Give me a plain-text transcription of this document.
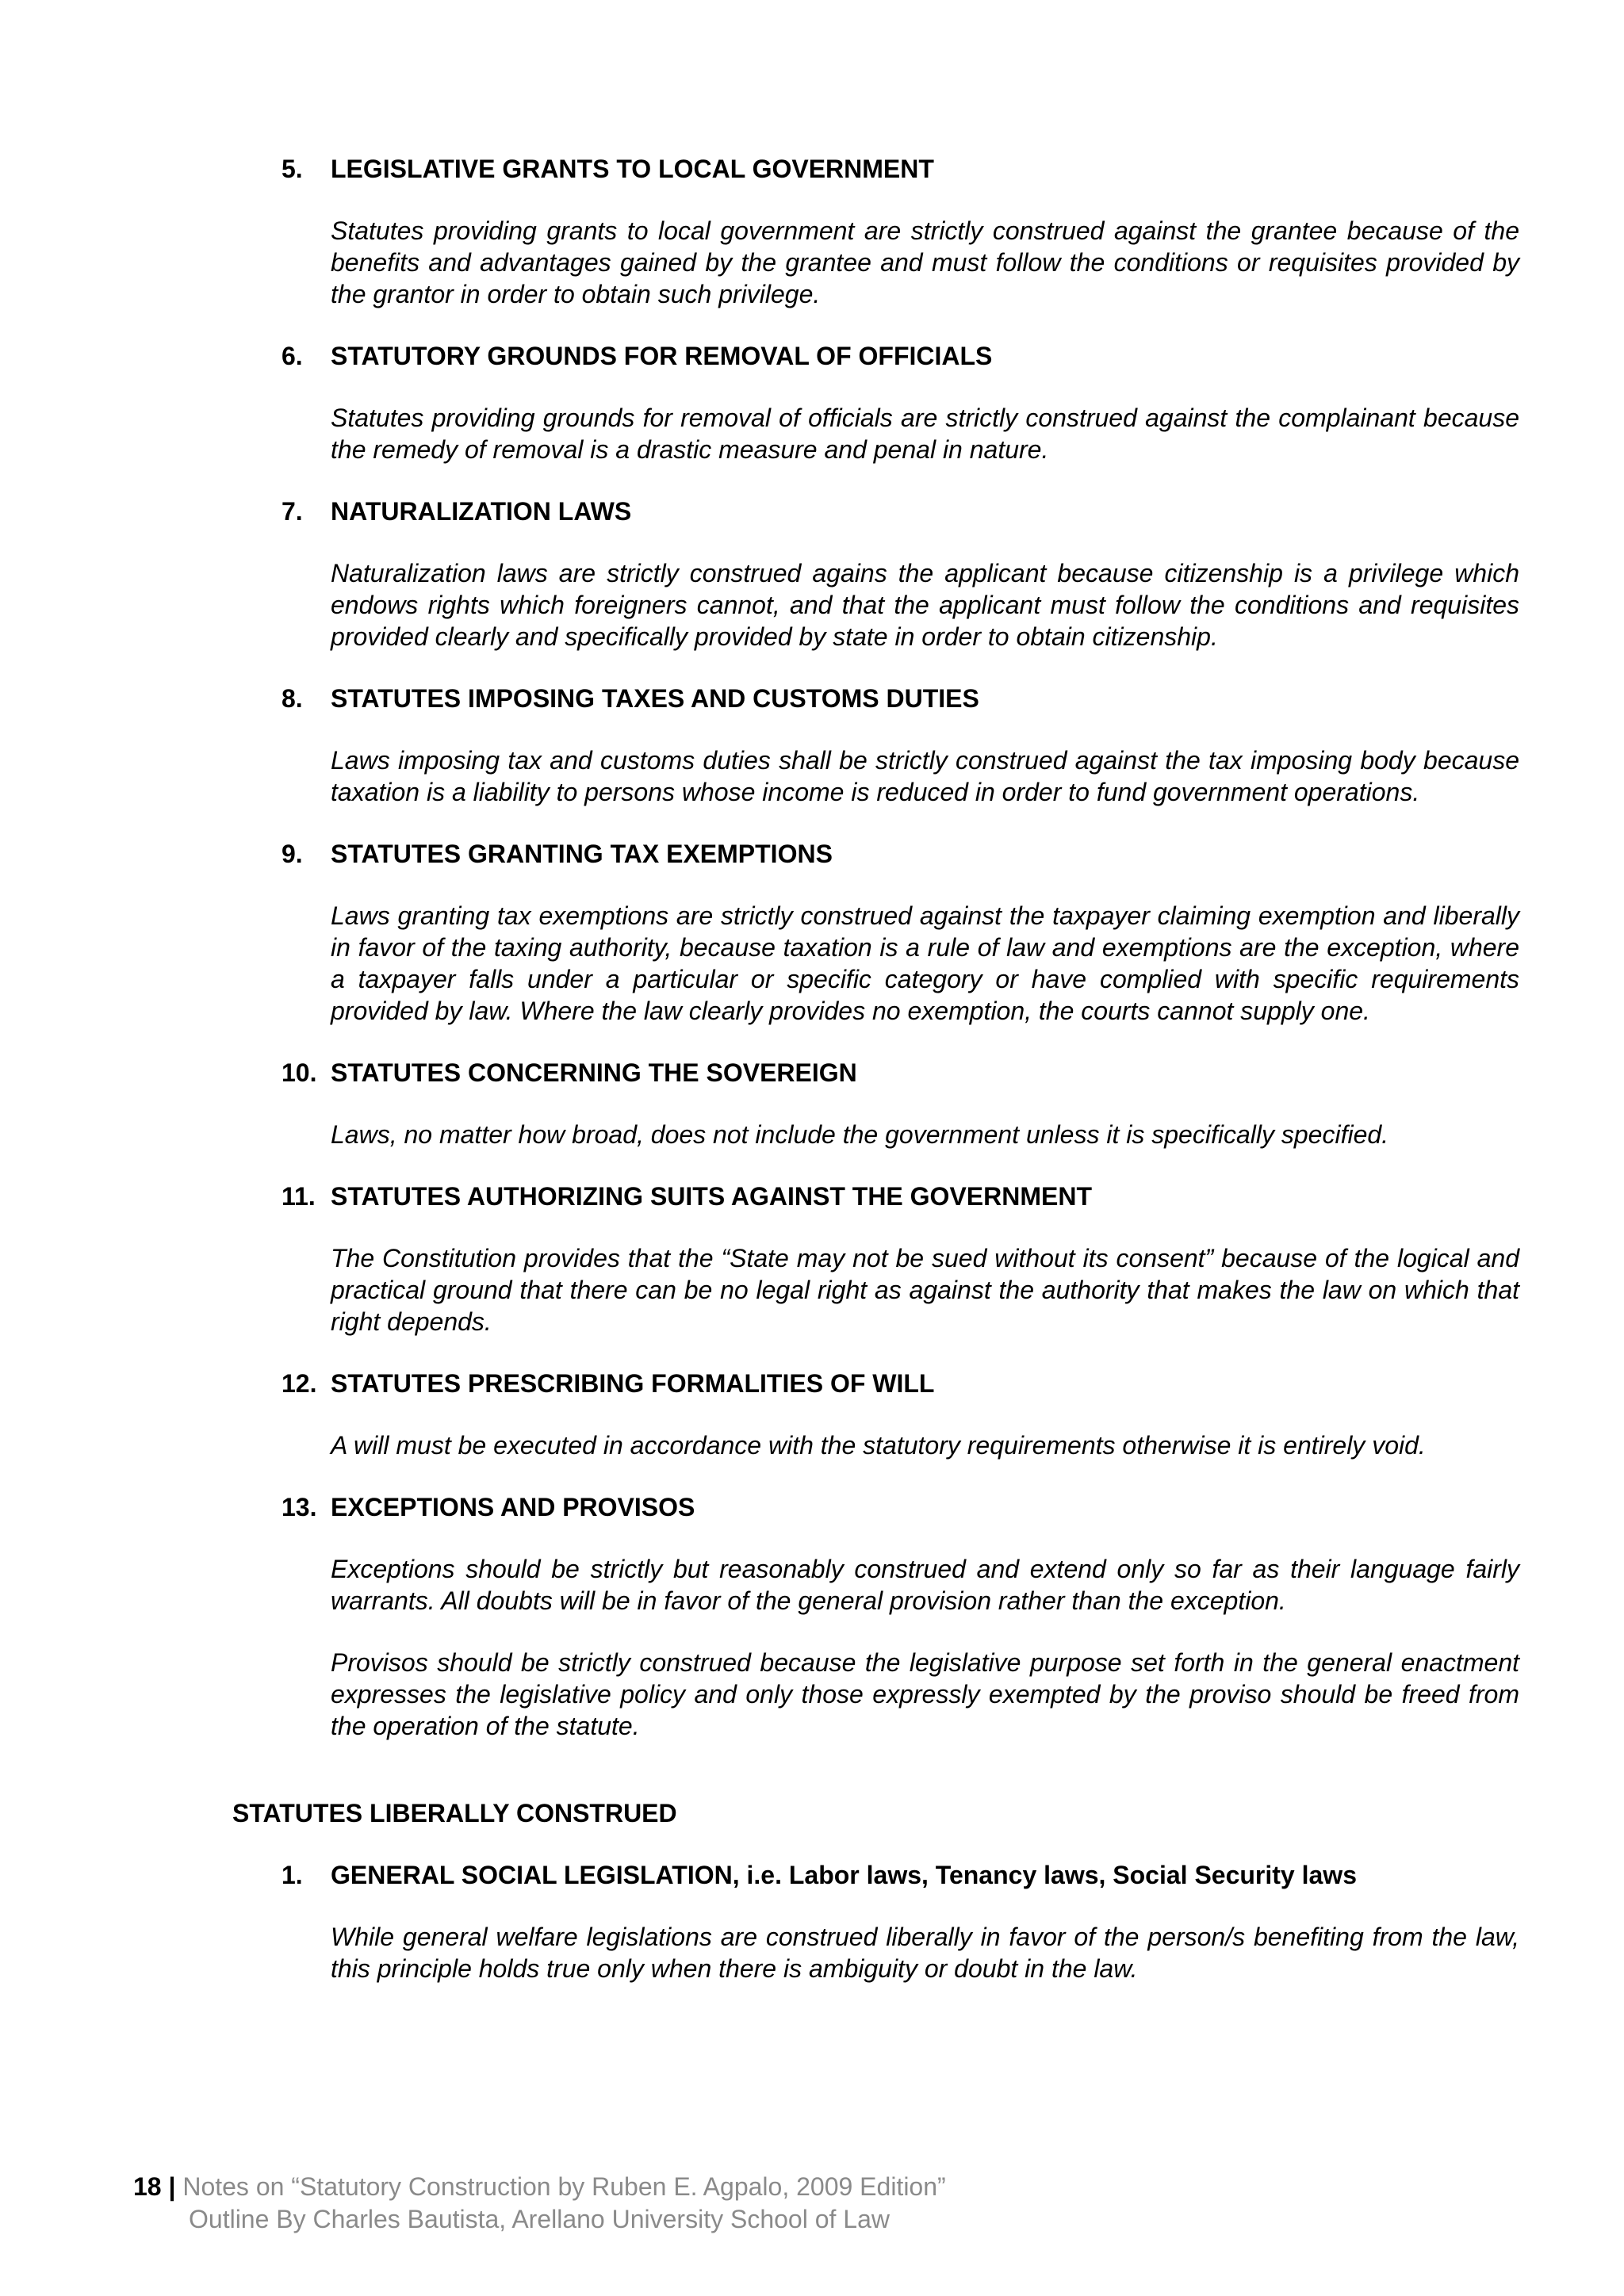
5. LEGISLATIVE GRANTS TO LOCAL GOVERNMENT

Statutes providing grants to local government are strictly construed against the grantee because of the benefits and advantages gained by the grantee and must follow the conditions or requisites provided by the grantor in order to obtain such privilege.

6. STATUTORY GROUNDS FOR REMOVAL OF OFFICIALS

Statutes providing grounds for removal of officials are strictly construed against the complainant because the remedy of removal is a drastic measure and penal in nature.

7. NATURALIZATION LAWS

Naturalization laws are strictly construed agains the applicant because citizenship is a privilege which endows rights which foreigners cannot, and that the applicant must follow the conditions and requisites provided clearly and specifically provided by state in order to obtain citizenship.

8. STATUTES IMPOSING TAXES AND CUSTOMS DUTIES

Laws imposing tax and customs duties shall be strictly construed against the tax imposing body because taxation is a liability to persons whose income is reduced in order to fund government operations.

9. STATUTES GRANTING TAX EXEMPTIONS

Laws granting tax exemptions are strictly construed against the taxpayer claiming exemption and liberally in favor of the taxing authority, because taxation is a rule of law and exemptions are the exception, where a taxpayer falls under a particular or specific category or have complied with specific requirements provided by law. Where the law clearly provides no exemption, the courts cannot supply one.

10. STATUTES CONCERNING THE SOVEREIGN

Laws, no matter how broad, does not include the government unless it is specifically specified.

11. STATUTES AUTHORIZING SUITS AGAINST THE GOVERNMENT

The Constitution provides that the “State may not be sued without its consent” because of the logical and practical ground that there can be no legal right as against the authority that makes the law on which that right depends.

12. STATUTES PRESCRIBING FORMALITIES OF WILL

A will must be executed in accordance with the statutory requirements otherwise it is entirely void.

13. EXCEPTIONS AND PROVISOS

Exceptions should be strictly but reasonably construed and extend only so far as their language fairly warrants. All doubts will be in favor of the general provision rather than the exception.

Provisos should be strictly construed because the legislative purpose set forth in the general enactment expresses the legislative policy and only those expressly exempted by the proviso should be freed from the operation of the statute.

STATUTES LIBERALLY CONSTRUED
1. GENERAL SOCIAL LEGISLATION, i.e. Labor laws, Tenancy laws, Social Security laws

While general welfare legislations are construed liberally in favor of the person/s benefiting from the law, this principle holds true only when there is ambiguity or doubt in the law.

18 | Notes on “Statutory Construction by Ruben E. Agpalo, 2009 Edition”
Outline By Charles Bautista, Arellano University School of Law
